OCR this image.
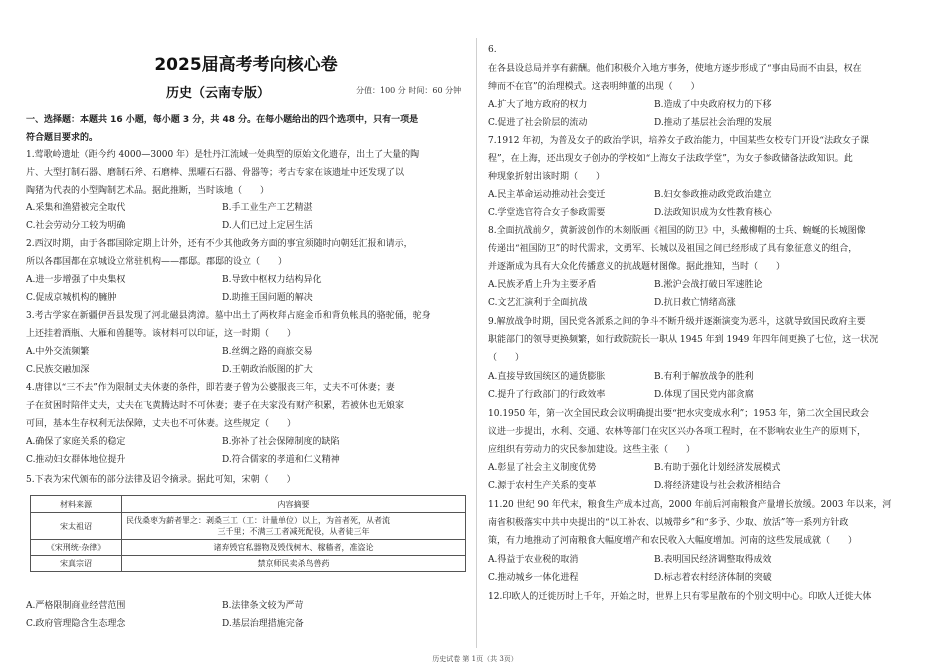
2025届高考考向核心卷
历史（云南专版）	分值：100 分 时间：60 分钟
一、选择题：本题共 16 小题，每小题 3 分，共 48 分。在每小题给出的四个选项中，只有一项是
符合题目要求的。
1.莺歌岭遗址（距今约 4000—3000 年）是牡丹江流域一处典型的原始文化遗存，出土了大量的陶
片、大型打制石器、磨制石斧、石磨棒、黑曜石石器、骨器等；考古专家在该遗址中还发现了以
陶猪为代表的小型陶制艺术品。据此推断，当时该地（　　）
A.采集和渔猎被完全取代	B.手工业生产工艺精湛
C.社会劳动分工较为明确	D.人们已过上定居生活
2.西汉时期，由于各郡国除定期上计外，还有不少其他政务方面的事宜须随时向朝廷汇报和请示，
所以各郡国都在京城设立常驻机构——郡邸。郡邸的设立（　　）
A.进一步增强了中央集权	B.导致中枢权力结构异化
C.促成京城机构的臃肿	D.助推王国问题的解决
3.考古学家在新疆伊吾县发现了河北磁县湾漳。墓中出土了两枚拜占庭金币和背负帐具的骆驼俑，驼身
上还挂着酒瓶、大雁和兽腿等。该材料可以印证，这一时期（　　）
A.中外交流频繁	B.丝绸之路的商旅交易
C.民族交融加深	D.王朝政治版图的扩大
4.唐律以“三不去”作为限制丈夫休妻的条件，即若妻子曾为公婆服丧三年，丈夫不可休妻；妻
子在贫困时陪伴丈夫，丈夫在飞黄腾达时不可休妻；妻子在夫家没有财产积累，若被休也无娘家
可回，基本生存权利无法保障，丈夫也不可休妻。这些规定（　　）
A.确保了家庭关系的稳定	B.弥补了社会保障制度的缺陷
C.推动妇女群体地位提升	D.符合儒家的孝道和仁义精神
5.下表为宋代颁布的部分法律及诏令摘录。据此可知，宋朝（　　）
材料来源	内容摘要
宋太祖诏	民伐桑枣为薪者罪之：剥桑三工（工：计量单位）以上，为首者死，从者流
三千里；不满三工者减死配役，从者徒三年

《宋刑统·杂律》	诸弃毁官私器物及毁伐树木、稼穑者，准盗论
宋真宗诏	禁京师民卖杀鸟兽药
A.严格限制商业经营范围	B.法律条文较为严苛
C.政府管理隐含生态理念	D.基层治理措施完备
6.
在各县设总局并享有薪酬。他们积极介入地方事务，使地方逐步形成了“事由局而不由县，权在
绅而不在官”的治理模式。这表明绅董的出现（　　）
A.扩大了地方政府的权力	B.造成了中央政府权力的下移
C.促进了社会阶层的流动	D.推动了基层社会治理的发展
7.1912 年初，为普及女子的政治学识，培养女子政治能力，中国某些女校专门开设“法政女子课
程”，在上海，还出现女子创办的学校如“上海女子法政学堂”，为女子参政储备法政知识。此
种现象折射出该时期（　　）
A.民主革命运动推动社会变迁	B.妇女参政推动政党政治建立
C.学堂选官符合女子参政需要	D.法政知识成为女性教育核心
8.全面抗战前夕，黄新波创作的木刻版画《祖国的防卫》中，头戴柳帽的士兵、蜿蜒的长城图像
传递出“祖国防卫”的时代需求，文勇军、长城以及祖国之间已经形成了具有象征意义的组合，
并逐渐成为具有大众化传播意义的抗战题材图像。据此推知，当时（　　）
A.民族矛盾上升为主要矛盾	B.淞沪会战打破日军速胜论
C.文艺汇演利于全面抗战	D.抗日救亡情绪高涨
9.解放战争时期，国民党各派系之间的争斗不断升级并逐渐演变为恶斗，这就导致国民政府主要
职能部门的领导更换频繁，如行政院院长一职从 1945 年到 1949 年四年间更换了七位，这一状况
（　　）
A.直接导致国统区的通货膨胀	B.有利于解放战争的胜利
C.提升了行政部门的行政效率	D.体现了国民党内部贪腐
10.1950 年，第一次全国民政会议明确提出要“把水灾变成水利”；1953 年，第二次全国民政会
议进一步提出，水利、交通、农林等部门在灾区兴办各项工程时，在不影响农业生产的原则下，
应组织有劳动力的灾民参加建设。这些主张（　　）
A.彰显了社会主义制度优势	B.有助于强化计划经济发展模式
C.源于农村生产关系的变革	D.将经济建设与社会救济相结合
11.20 世纪 90 年代末，粮食生产成本过高，2000 年前后河南粮食产量增长放缓。2003 年以来，河
南省积极落实中共中央提出的“以工补农、以城带乡”和“多予、少取、放活”等一系列方针政
策，有力地推动了河南粮食大幅度增产和农民收入大幅度增加。河南的这些发展成就（　　）
A.得益于农业税的取消	B.表明国民经济调整取得成效
C.推动城乡一体化进程	D.标志着农村经济体制的突破
12.印欧人的迁徙历时上千年，开始之时，世界上只有零星散布的个别文明中心。印欧人迁徙大体
历史试卷 第 1页（共 3页）
